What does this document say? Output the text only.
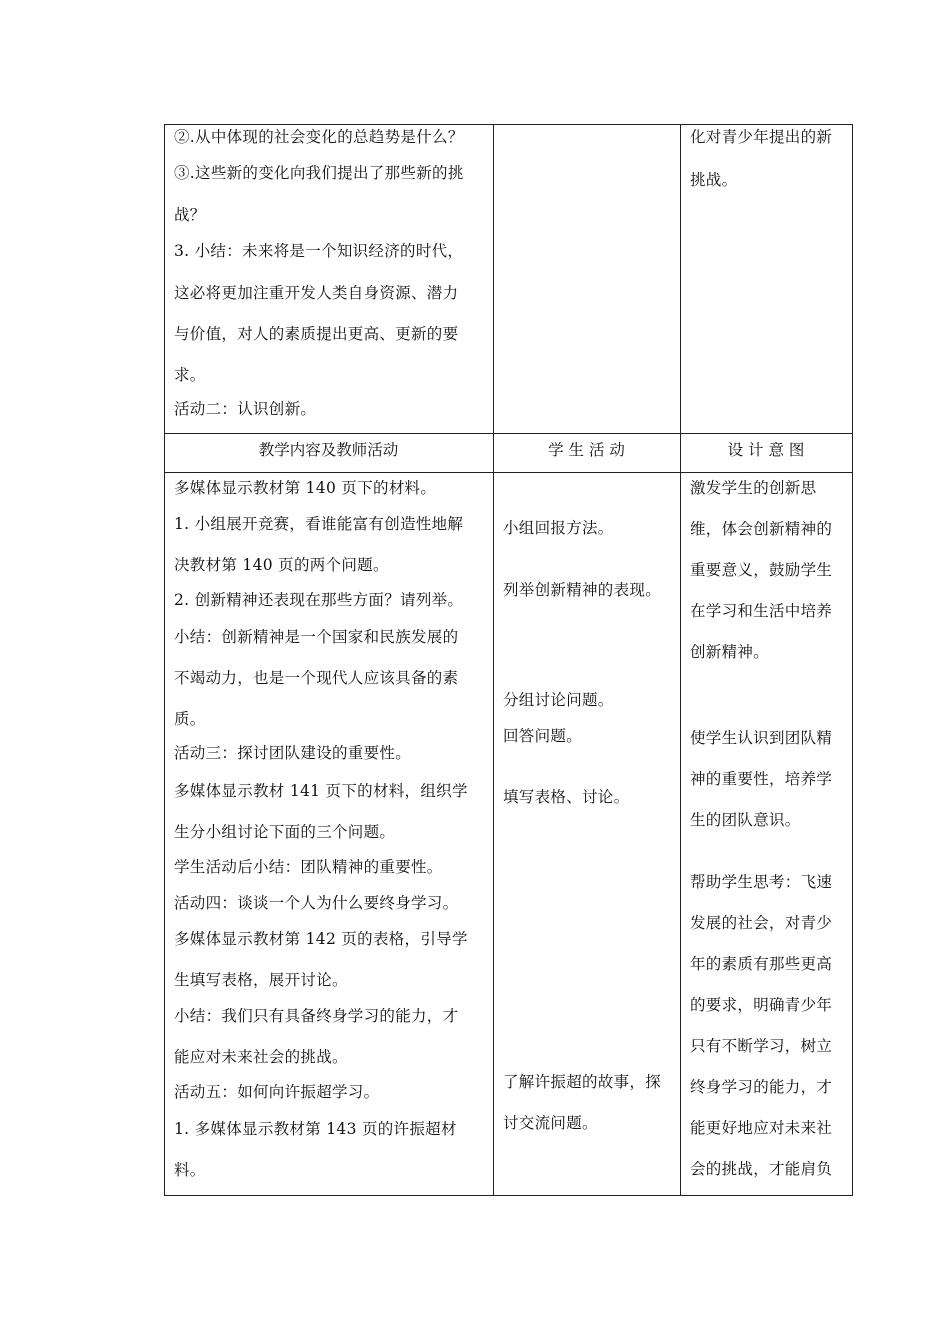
②.从中体现的社会变化的总趋势是什么？
③.这些新的变化向我们提出了那些新的挑
战？
3. 小结：未来将是一个知识经济的时代，
这必将更加注重开发人类自身资源、潜力
与价值，对人的素质提出更高、更新的要
求。
活动二：认识创新。
化对青少年提出的新
挑战。
教学内容及教师活动	学 生 活 动	设 计 意 图
多媒体显示教材第 140 页下的材料。
1. 小组展开竞赛，看谁能富有创造性地解
决教材第 140 页的两个问题。
2. 创新精神还表现在那些方面？请列举。
小结：创新精神是一个国家和民族发展的
不竭动力，也是一个现代人应该具备的素
质。
活动三：探讨团队建设的重要性。
多媒体显示教材 141 页下的材料，组织学
生分小组讨论下面的三个问题。
学生活动后小结：团队精神的重要性。
活动四：谈谈一个人为什么要终身学习。
多媒体显示教材第 142 页的表格，引导学
生填写表格，展开讨论。
小结：我们只有具备终身学习的能力，才
能应对未来社会的挑战。
活动五：如何向许振超学习。
1. 多媒体显示教材第 143 页的许振超材
料。
小组回报方法。
列举创新精神的表现。
分组讨论问题。
回答问题。
填写表格、讨论。
了解许振超的故事，探
讨交流问题。
激发学生的创新思
维，体会创新精神的
重要意义，鼓励学生
在学习和生活中培养
创新精神。
使学生认识到团队精
神的重要性，培养学
生的团队意识。
帮助学生思考：飞速
发展的社会，对青少
年的素质有那些更高
的要求，明确青少年
只有不断学习，树立
终身学习的能力，才
能更好地应对未来社
会的挑战，才能肩负
